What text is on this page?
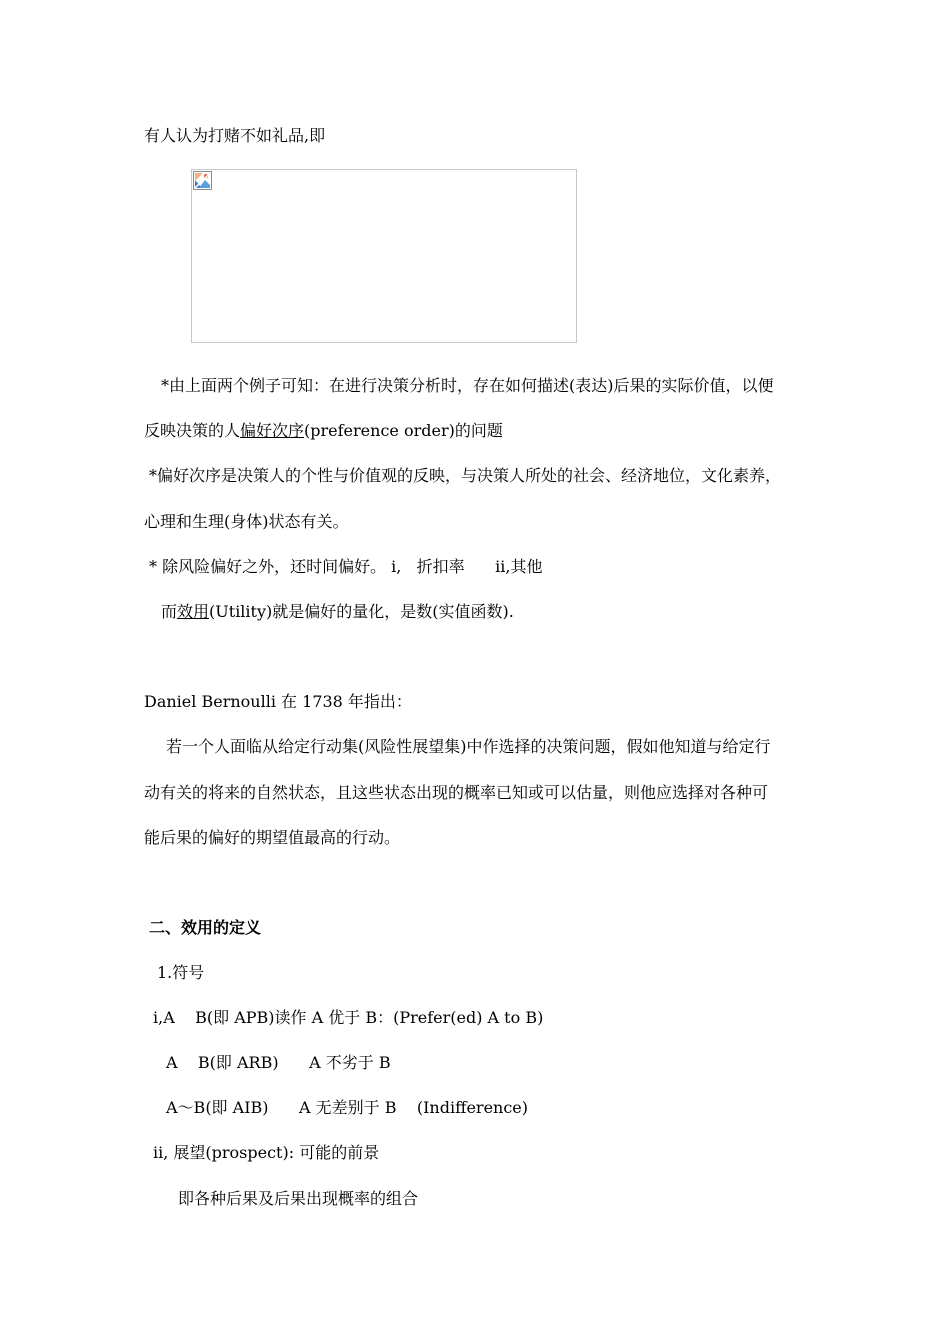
有人认为打赌不如礼品,即
*由上面两个例子可知：在进行决策分析时，存在如何描述(表达)后果的实际价值，以便
反映决策的人偏好次序(preference order)的问题
*偏好次序是决策人的个性与价值观的反映，与决策人所处的社会、经济地位，文化素养，
心理和生理(身体)状态有关。
* 除风险偏好之外，还时间偏好。 i,   折扣率      ii,其他
而效用(Utility)就是偏好的量化，是数(实值函数).
Daniel Bernoulli 在 1738 年指出：
若一个人面临从给定行动集(风险性展望集)中作选择的决策问题，假如他知道与给定行
动有关的将来的自然状态，且这些状态出现的概率已知或可以估量，则他应选择对各种可
能后果的偏好的期望值最高的行动。
二、效用的定义
1.符号
i,A    B(即 APB)读作 A 优于 B：(Prefer(ed) A to B)
A    B(即 ARB)      A 不劣于 B
A～B(即 AIB)      A 无差别于 B    (Indifference)
ii, 展望(prospect): 可能的前景
即各种后果及后果出现概率的组合
